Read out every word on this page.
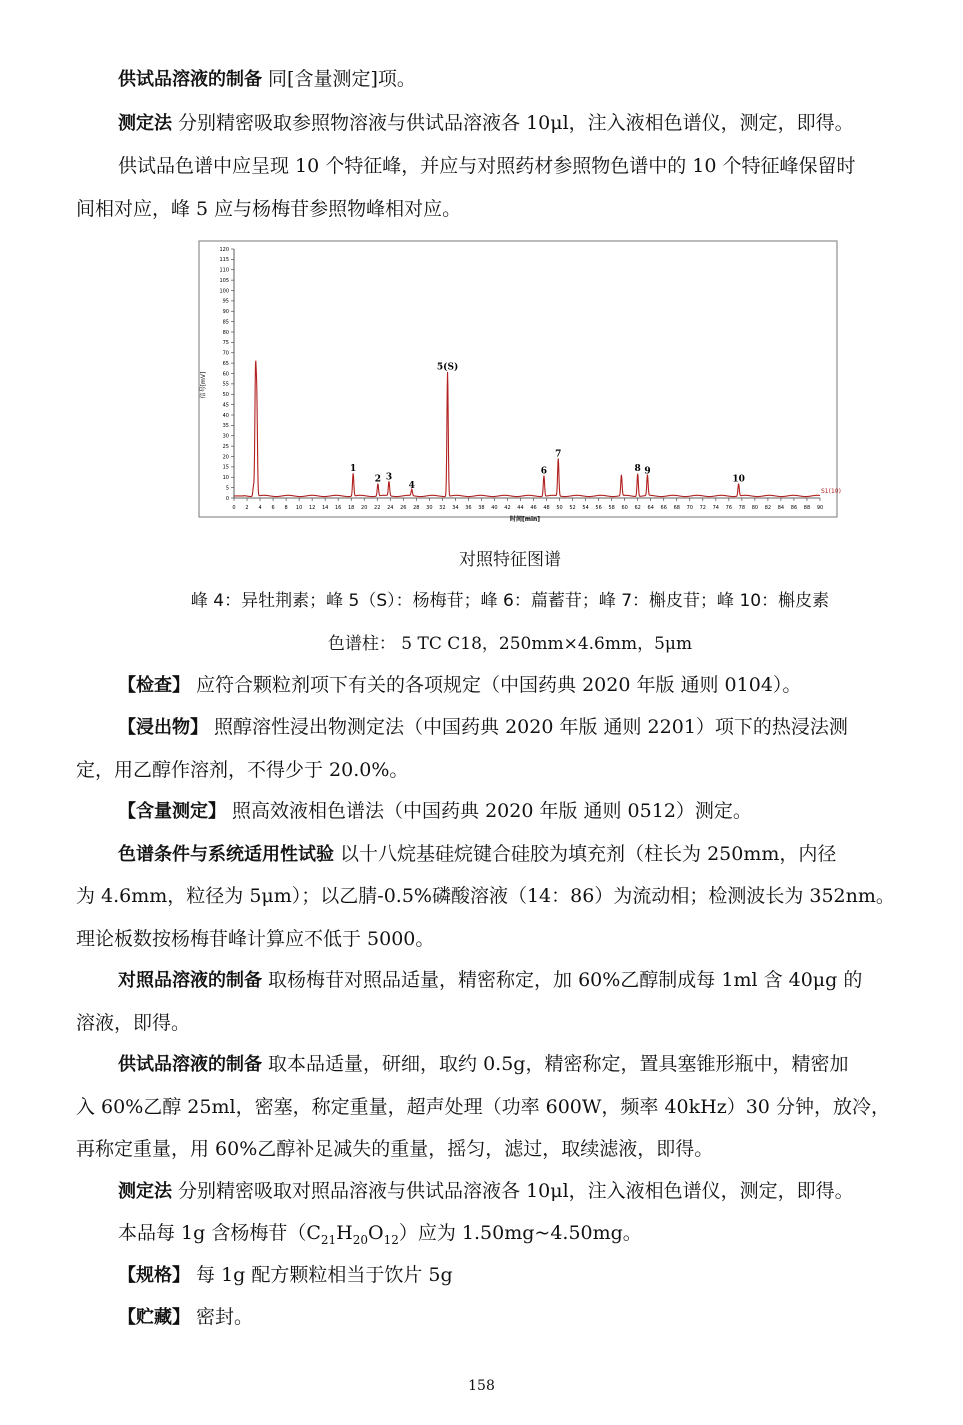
供试品溶液的制备 同[含量测定]项。
测定法 分别精密吸取参照物溶液与供试品溶液各 10μl，注入液相色谱仪，测定，即得。
供试品色谱中应呈现 10 个特征峰，并应与对照药材参照物色谱中的 10 个特征峰保留时
间相对应，峰 5 应与杨梅苷参照物峰相对应。
0 2 4 6 8 10 12 14 16 18 20 22 24 26 28 30 32 34 36 38 40 42 44 46 48 50 52 54 56 58 60 62 64 66 68 70 72 74 76 78 80 82 84 86 88 90
0
5
10
15
20
25
30
35
40
45
50
55
60
65
70
75
80
85
90
95
100
105
110
115
120
1
2 3
4
5(S)
6
7
8 9
10
信号[mV]
时间[min]
S1(10)
对照特征图谱
峰 4：异牡荆素；峰 5（S）：杨梅苷；峰 6：萹蓄苷；峰 7：槲皮苷；峰 10：槲皮素
色谱柱： 5 TC C18，250mm×4.6mm，5μm
【检查】 应符合颗粒剂项下有关的各项规定（中国药典 2020 年版 通则 0104）。
【浸出物】 照醇溶性浸出物测定法（中国药典 2020 年版 通则 2201）项下的热浸法测
定，用乙醇作溶剂，不得少于 20.0%。
【含量测定】 照高效液相色谱法（中国药典 2020 年版 通则 0512）测定。
色谱条件与系统适用性试验 以十八烷基硅烷键合硅胶为填充剂（柱长为 250mm，内径
为 4.6mm，粒径为 5μm）；以乙腈-0.5%磷酸溶液（14：86）为流动相；检测波长为 352nm。
理论板数按杨梅苷峰计算应不低于 5000。
对照品溶液的制备 取杨梅苷对照品适量，精密称定，加 60%乙醇制成每 1ml 含 40μg 的
溶液，即得。
供试品溶液的制备 取本品适量，研细，取约 0.5g，精密称定，置具塞锥形瓶中，精密加
入 60%乙醇 25ml，密塞，称定重量，超声处理（功率 600W，频率 40kHz）30 分钟，放冷，
再称定重量，用 60%乙醇补足减失的重量，摇匀，滤过，取续滤液，即得。
测定法 分别精密吸取对照品溶液与供试品溶液各 10μl，注入液相色谱仪，测定，即得。
本品每 1g 含杨梅苷$(C_{21}H_{20}O_{12})$应为 1.50mg~4.50mg。
【规格】 每 1g 配方颗粒相当于饮片 5g
【贮藏】 密封。
158
